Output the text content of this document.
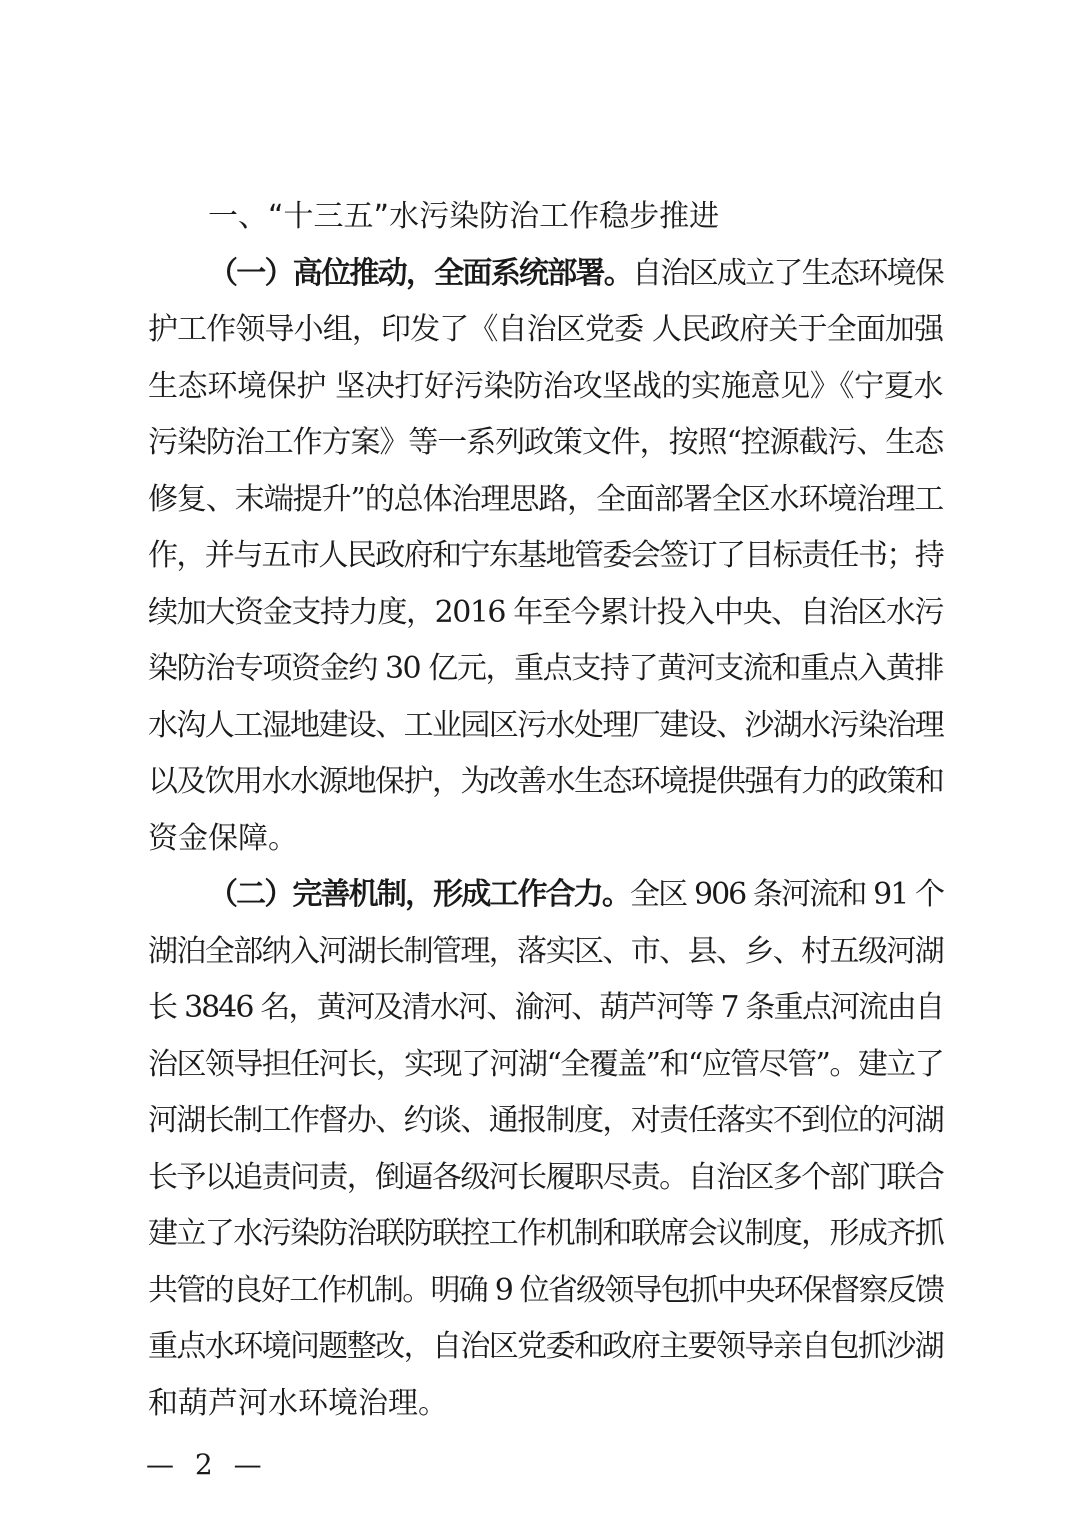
一、“十三五”水污染防治工作稳步推进
（一）高位推动，全面系统部署。自治区成立了生态环境保
护工作领导小组，印发了《自治区党委 人民政府关于全面加强
生态环境保护 坚决打好污染防治攻坚战的实施意见》《宁夏水
污染防治工作方案》等一系列政策文件，按照“控源截污、生态
修复、末端提升”的总体治理思路，全面部署全区水环境治理工
作，并与五市人民政府和宁东基地管委会签订了目标责任书；持
续加大资金支持力度，2016 年至今累计投入中央、自治区水污
染防治专项资金约 30 亿元，重点支持了黄河支流和重点入黄排
水沟人工湿地建设、工业园区污水处理厂建设、沙湖水污染治理
以及饮用水水源地保护，为改善水生态环境提供强有力的政策和
资金保障。
（二）完善机制，形成工作合力。全区 906 条河流和 91 个
湖泊全部纳入河湖长制管理，落实区、市、县、乡、村五级河湖
长 3846 名，黄河及清水河、渝河、葫芦河等 7 条重点河流由自
治区领导担任河长，实现了河湖“全覆盖”和“应管尽管”。建立了
河湖长制工作督办、约谈、通报制度，对责任落实不到位的河湖
长予以追责问责，倒逼各级河长履职尽责。自治区多个部门联合
建立了水污染防治联防联控工作机制和联席会议制度，形成齐抓
共管的良好工作机制。明确 9 位省级领导包抓中央环保督察反馈
重点水环境问题整改，自治区党委和政府主要领导亲自包抓沙湖
和葫芦河水环境治理。
— 2 —
